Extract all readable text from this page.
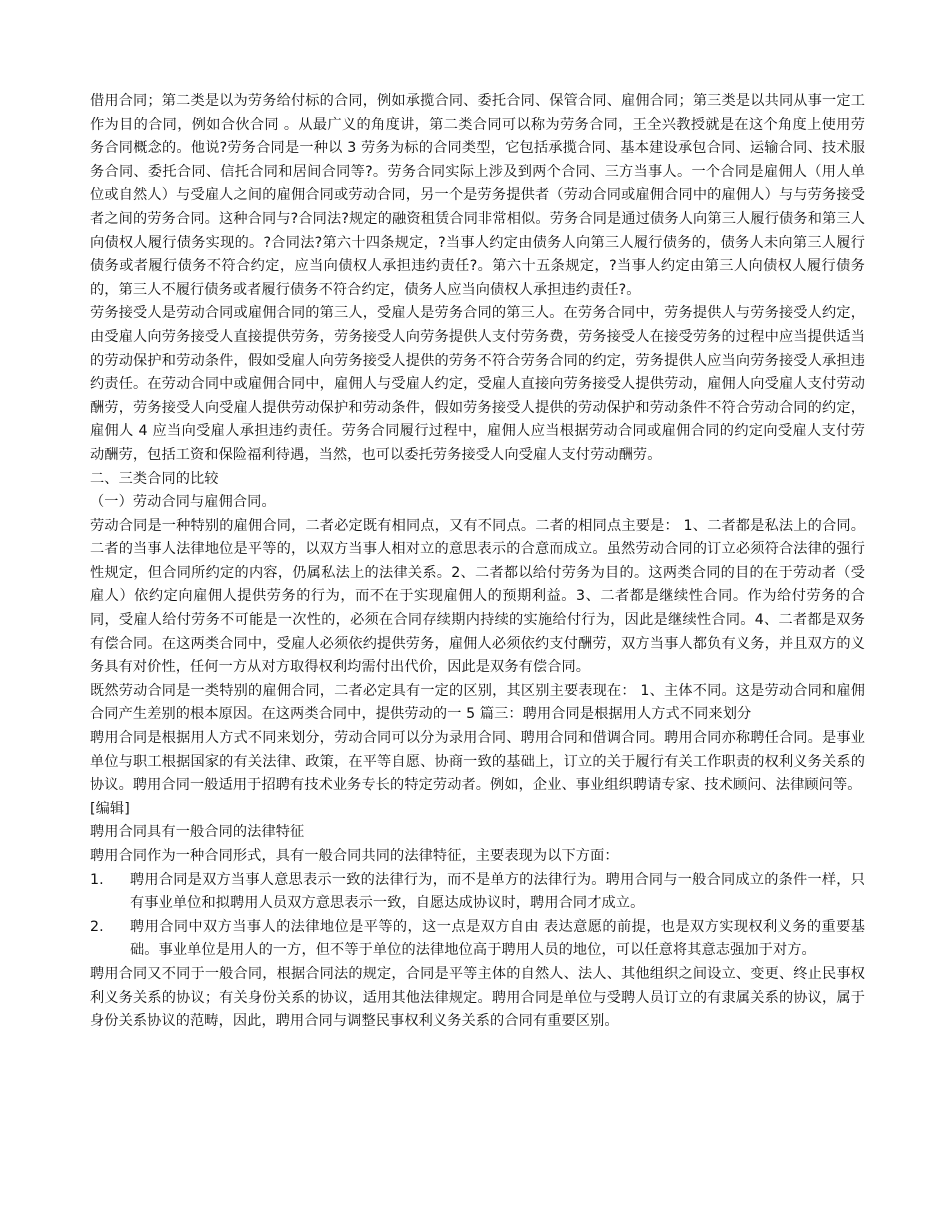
借用合同；第二类是以为劳务给付标的合同，例如承揽合同、委托合同、保管合同、雇佣合同；第三类是以共同从事一定工作为目的合同，例如合伙合同 。从最广义的角度讲，第二类合同可以称为劳务合同，王全兴教授就是在这个角度上使用劳务合同概念的。他说?劳务合同是一种以 3 劳务为标的合同类型，它包括承揽合同、基本建设承包合同、运输合同、技术服务合同、委托合同、信托合同和居间合同等?。劳务合同实际上涉及到两个合同、三方当事人。一个合同是雇佣人（用人单位或自然人）与受雇人之间的雇佣合同或劳动合同，另一个是劳务提供者（劳动合同或雇佣合同中的雇佣人）与与劳务接受者之间的劳务合同。这种合同与?合同法?规定的融资租赁合同非常相似。劳务合同是通过债务人向第三人履行债务和第三人向债权人履行债务实现的。?合同法?第六十四条规定，?当事人约定由债务人向第三人履行债务的，债务人未向第三人履行债务或者履行债务不符合约定，应当向债权人承担违约责任?。第六十五条规定，?当事人约定由第三人向债权人履行债务的，第三人不履行债务或者履行债务不符合约定，债务人应当向债权人承担违约责任?。

劳务接受人是劳动合同或雇佣合同的第三人，受雇人是劳务合同的第三人。在劳务合同中，劳务提供人与劳务接受人约定，由受雇人向劳务接受人直接提供劳务，劳务接受人向劳务提供人支付劳务费，劳务接受人在接受劳务的过程中应当提供适当的劳动保护和劳动条件，假如受雇人向劳务接受人提供的劳务不符合劳务合同的约定，劳务提供人应当向劳务接受人承担违约责任。在劳动合同中或雇佣合同中，雇佣人与受雇人约定，受雇人直接向劳务接受人提供劳动，雇佣人向受雇人支付劳动酬劳，劳务接受人向受雇人提供劳动保护和劳动条件，假如劳务接受人提供的劳动保护和劳动条件不符合劳动合同的约定，雇佣人 4 应当向受雇人承担违约责任。劳务合同履行过程中，雇佣人应当根据劳动合同或雇佣合同的约定向受雇人支付劳动酬劳，包括工资和保险福利待遇，当然，也可以委托劳务接受人向受雇人支付劳动酬劳。

二、三类合同的比较

（一）劳动合同与雇佣合同。

劳动合同是一种特别的雇佣合同，二者必定既有相同点，又有不同点。二者的相同点主要是： 1、二者都是私法上的合同。二者的当事人法律地位是平等的，以双方当事人相对立的意思表示的合意而成立。虽然劳动合同的订立必须符合法律的强行性规定，但合同所约定的内容，仍属私法上的法律关系。2、二者都以给付劳务为目的。这两类合同的目的在于劳动者（受雇人）依约定向雇佣人提供劳务的行为，而不在于实现雇佣人的预期利益。3、二者都是继续性合同。作为给付劳务的合同，受雇人给付劳务不可能是一次性的，必须在合同存续期内持续的实施给付行为，因此是继续性合同。4、二者都是双务有偿合同。在这两类合同中，受雇人必须依约提供劳务，雇佣人必须依约支付酬劳，双方当事人都负有义务，并且双方的义务具有对价性，任何一方从对方取得权利均需付出代价，因此是双务有偿合同。

既然劳动合同是一类特别的雇佣合同，二者必定具有一定的区别，其区别主要表现在： 1、主体不同。这是劳动合同和雇佣合同产生差别的根本原因。在这两类合同中，提供劳动的一 5 篇三：聘用合同是根据用人方式不同来划分

聘用合同是根据用人方式不同来划分，劳动合同可以分为录用合同、聘用合同和借调合同。聘用合同亦称聘任合同。是事业单位与职工根据国家的有关法律、政策，在平等自愿、协商一致的基础上，订立的关于履行有关工作职责的权利义务关系的协议。聘用合同一般适用于招聘有技术业务专长的特定劳动者。例如，企业、事业组织聘请专家、技术顾问、法律顾问等。

[编辑]

聘用合同具有一般合同的法律特征

聘用合同作为一种合同形式，具有一般合同共同的法律特征，主要表现为以下方面：

1.	聘用合同是双方当事人意思表示一致的法律行为，而不是单方的法律行为。聘用合同与一般合同成立的条件一样，只有事业单位和拟聘用人员双方意思表示一致，自愿达成协议时，聘用合同才成立。
2.	聘用合同中双方当事人的法律地位是平等的，这一点是双方自由 表达意愿的前提，也是双方实现权利义务的重要基础。事业单位是用人的一方，但不等于单位的法律地位高于聘用人员的地位，可以任意将其意志强加于对方。

聘用合同又不同于一般合同，根据合同法的规定，合同是平等主体的自然人、法人、其他组织之间设立、变更、终止民事权利义务关系的协议；有关身份关系的协议，适用其他法律规定。聘用合同是单位与受聘人员订立的有隶属关系的协议，属于身份关系协议的范畴，因此，聘用合同与调整民事权利义务关系的合同有重要区别。
